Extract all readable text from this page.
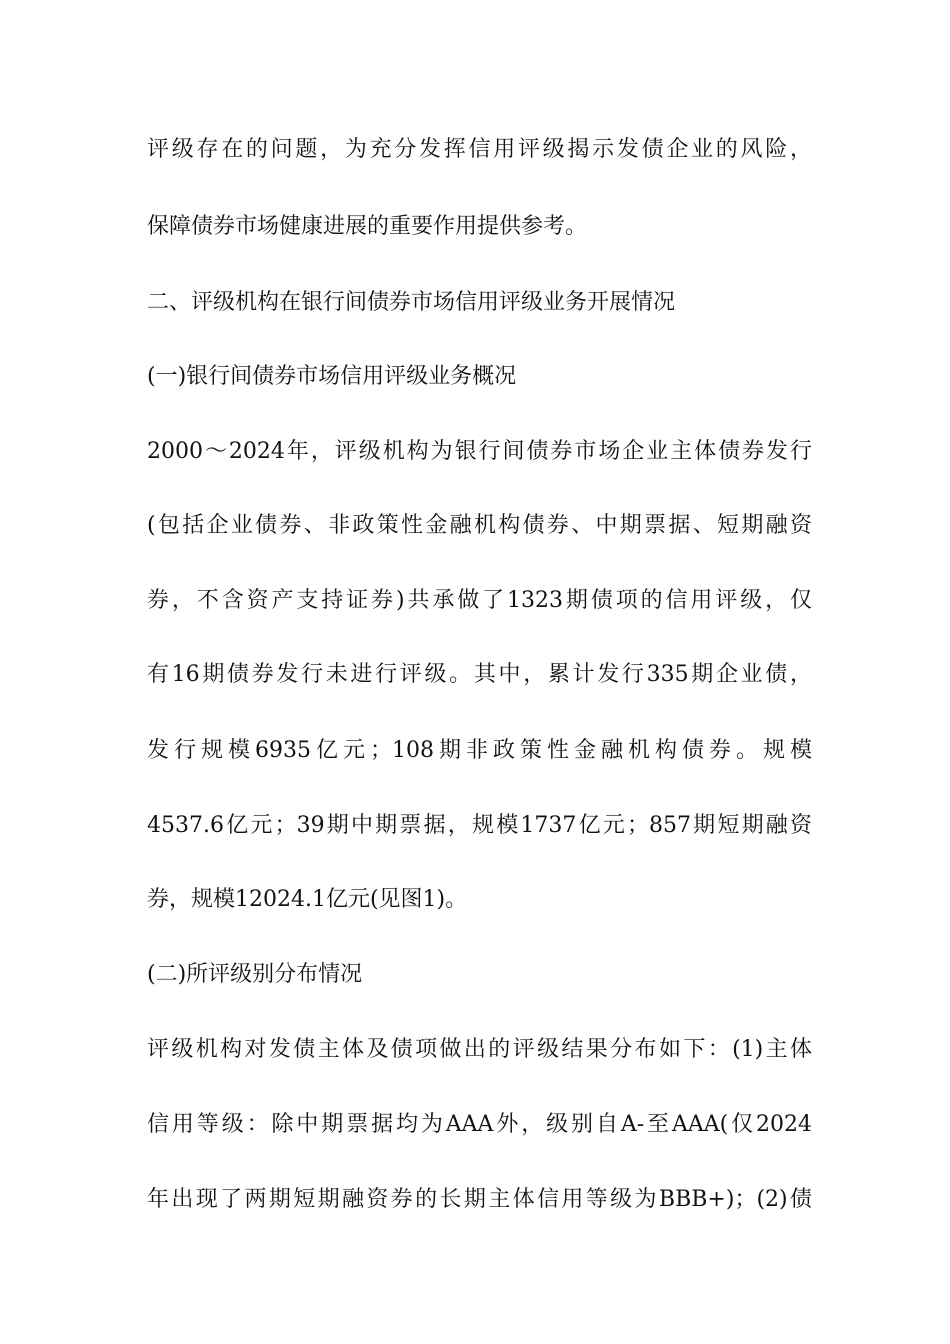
评级存在的问题，为充分发挥信用评级揭示发债企业的风险，
保障债券市场健康进展的重要作用提供参考。
二、评级机构在银行间债券市场信用评级业务开展情况
(一)银行间债券市场信用评级业务概况
2000～2024年，评级机构为银行间债券市场企业主体债券发行
(包括企业债券、非政策性金融机构债券、中期票据、短期融资
券，不含资产支持证券)共承做了1323期债项的信用评级，仅
有16期债券发行未进行评级。其中，累计发行335期企业债，
发行规模6935亿元；108期非政策性金融机构债券。规模
4537.6亿元；39期中期票据，规模1737亿元；857期短期融资
券，规模12024.1亿元(见图1)。
(二)所评级别分布情况
评级机构对发债主体及债项做出的评级结果分布如下：(1)主体
信用等级：除中期票据均为AAA外，级别自A-至AAA(仅2024
年出现了两期短期融资券的长期主体信用等级为BBB+)；(2)债
